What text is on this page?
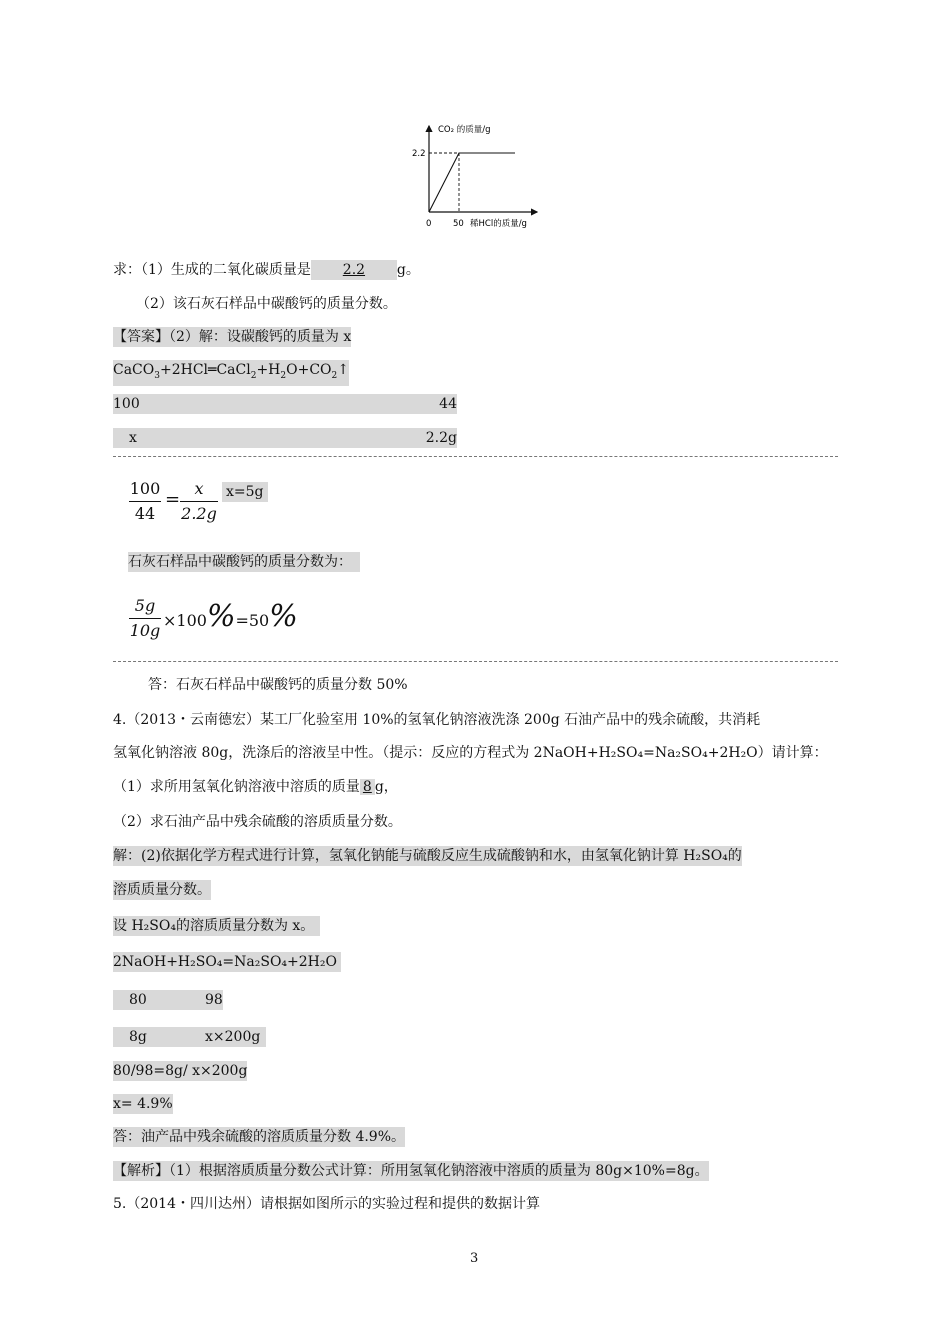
CO₂ 的质量/g
2.2
0	50 稀HCl的质量/g
求：（1）生成的二氧化碳质量是 2.2 g。
（2）该石灰石样品中碳酸钙的质量分数。
【答案】（2）解：设碳酸钙的质量为 x
$CaCO_3+2HCl═CaCl_2+H_2O+CO_2↑$
100	44
x	2.2g
100
44
=
x
2.2g
x=5g
石灰石样品中碳酸钙的质量分数为：
5g
10g
×100%=50%
答：石灰石样品中碳酸钙的质量分数 50%
4.（2013・云南德宏）某工厂化验室用 10%的氢氧化钠溶液洗涤 200g 石油产品中的残余硫酸，共消耗
氢氧化钠溶液 80g，洗涤后的溶液呈中性。（提示：反应的方程式为 2NaOH+H₂SO₄=Na₂SO₄+2H₂O）请计算：
（1）求所用氢氧化钠溶液中溶质的质量 8 g，
（2）求石油产品中残余硫酸的溶质质量分数。
解：(2)依据化学方程式进行计算，氢氧化钠能与硫酸反应生成硫酸钠和水，由氢氧化钠计算 H₂SO₄的
溶质质量分数。
设 H₂SO₄的溶质质量分数为 x。
2NaOH+H₂SO₄=Na₂SO₄+2H₂O
80	98
8g	x×200g
80/98=8g/ x×200g
x= 4.9%
答：油产品中残余硫酸的溶质质量分数 4.9%。
【解析】（1）根据溶质质量分数公式计算：所用氢氧化钠溶液中溶质的质量为 80g×10%=8g。
5.（2014・四川达州）请根据如图所示的实验过程和提供的数据计算
3
